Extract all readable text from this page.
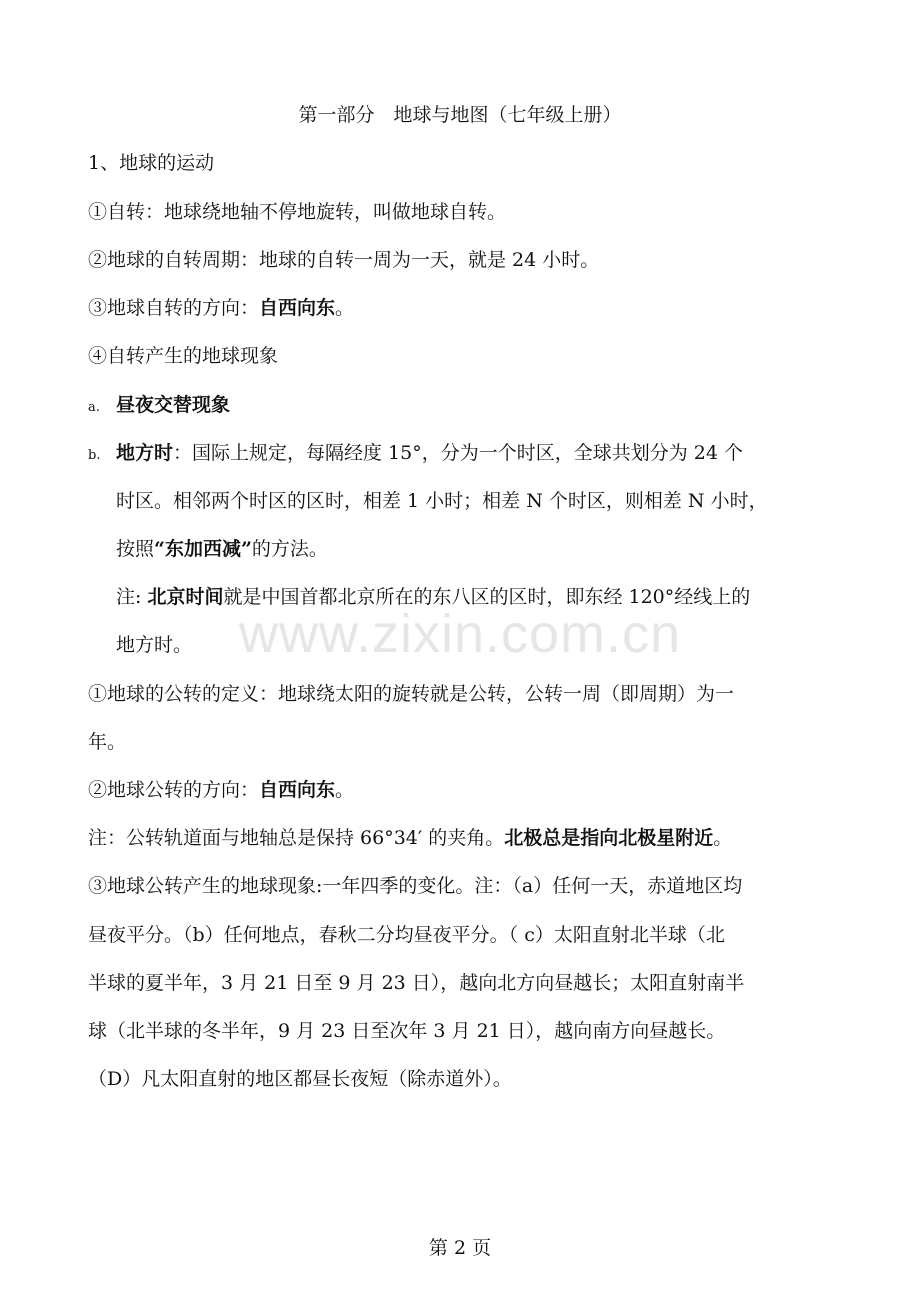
第一部分　地球与地图（七年级上册）
1、地球的运动
①自转：地球绕地轴不停地旋转，叫做地球自转。
②地球的自转周期：地球的自转一周为一天，就是 24 小时。
③地球自转的方向：自西向东。
④自转产生的地球现象
a. 昼夜交替现象
b. 地方时：国际上规定，每隔经度 15°，分为一个时区，全球共划分为 24 个
时区。相邻两个时区的区时，相差 1 小时；相差 N 个时区，则相差 N 小时，
按照“东加西减”的方法。
注: 北京时间就是中国首都北京所在的东八区的区时，即东经 120°经线上的
地方时。
①地球的公转的定义：地球绕太阳的旋转就是公转，公转一周（即周期）为一
年。
②地球公转的方向：自西向东。
注：公转轨道面与地轴总是保持 66°34′ 的夹角。北极总是指向北极星附近。
③地球公转产生的地球现象:一年四季的变化。注：（a）任何一天，赤道地区均
昼夜平分。（b）任何地点，春秋二分均昼夜平分。（ c）太阳直射北半球（北
半球的夏半年，3 月 21 日至 9 月 23 日），越向北方向昼越长；太阳直射南半
球（北半球的冬半年，9 月 23 日至次年 3 月 21 日），越向南方向昼越长。
（D）凡太阳直射的地区都昼长夜短（除赤道外）。
www.zixin.com.cn
第 2 页
